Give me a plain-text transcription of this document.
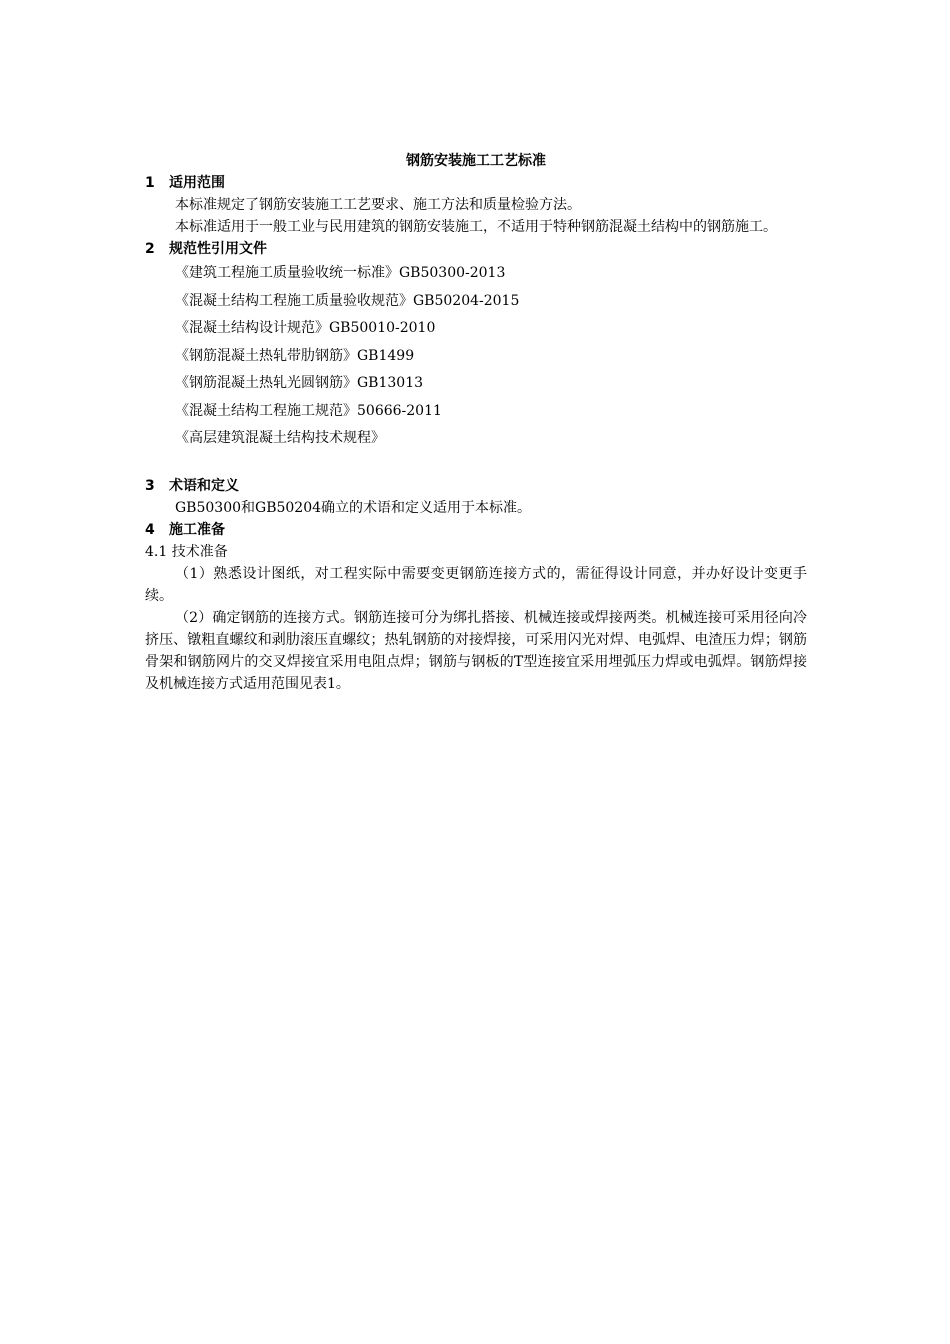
钢筋安装施工工艺标准
1 适用范围

本标准规定了钢筋安装施工工艺要求、施工方法和质量检验方法。

本标准适用于一般工业与民用建筑的钢筋安装施工，不适用于特种钢筋混凝土结构中的钢筋施工。

2 规范性引用文件
《建筑工程施工质量验收统一标准》GB50300-2013
《混凝土结构工程施工质量验收规范》GB50204-2015
《混凝土结构设计规范》GB50010-2010
《钢筋混凝土热轧带肋钢筋》GB1499
《钢筋混凝土热轧光圆钢筋》GB13013
《混凝土结构工程施工规范》50666-2011
《高层建筑混凝土结构技术规程》
3 术语和定义

GB50300和GB50204确立的术语和定义适用于本标准。

4 施工准备

4.1 技术准备

（1）熟悉设计图纸，对工程实际中需要变更钢筋连接方式的，需征得设计同意，并办好设计变更手续。

（2）确定钢筋的连接方式。钢筋连接可分为绑扎搭接、机械连接或焊接两类。机械连接可采用径向冷挤压、镦粗直螺纹和剥肋滚压直螺纹；热轧钢筋的对接焊接，可采用闪光对焊、电弧焊、电渣压力焊；钢筋骨架和钢筋网片的交叉焊接宜采用电阻点焊；钢筋与钢板的T型连接宜采用埋弧压力焊或电弧焊。钢筋焊接及机械连接方式适用范围见表1。
